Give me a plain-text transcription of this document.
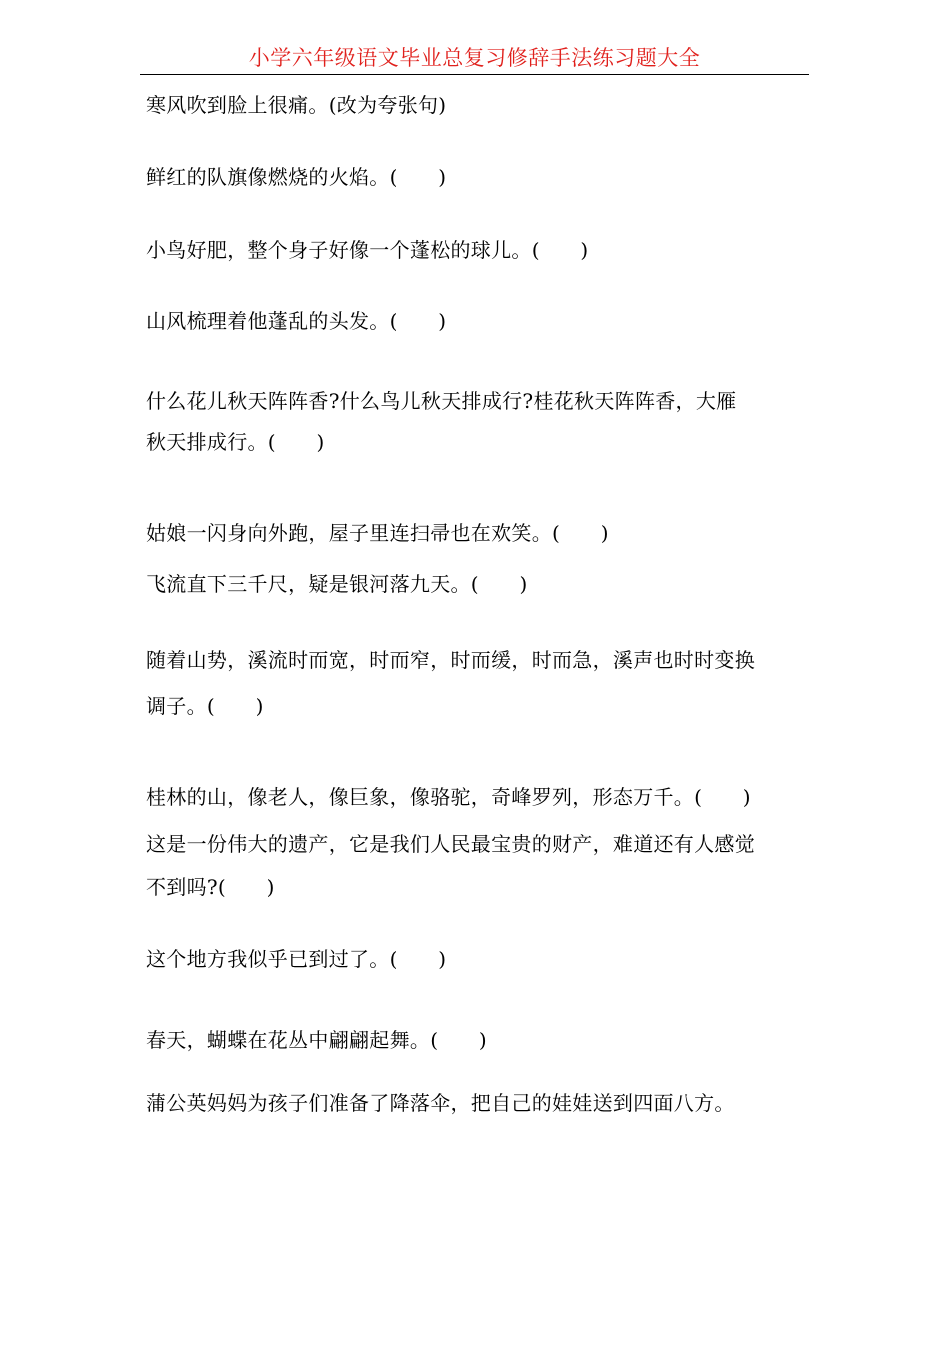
小学六年级语文毕业总复习修辞手法练习题大全
寒风吹到脸上很痛。(改为夸张句)
鲜红的队旗像燃烧的火焰。(　　)
小鸟好肥，整个身子好像一个蓬松的球儿。(　　)
山风梳理着他蓬乱的头发。(　　)
什么花儿秋天阵阵香?什么鸟儿秋天排成行?桂花秋天阵阵香，大雁
秋天排成行。(　　)
姑娘一闪身向外跑，屋子里连扫帚也在欢笑。(　　)
飞流直下三千尺，疑是银河落九天。(　　)
随着山势，溪流时而宽，时而窄，时而缓，时而急，溪声也时时变换
调子。(　　)
桂林的山，像老人，像巨象，像骆驼，奇峰罗列，形态万千。(　　)
这是一份伟大的遗产，它是我们人民最宝贵的财产，难道还有人感觉
不到吗?(　　)
这个地方我似乎已到过了。(　　)
春天，蝴蝶在花丛中翩翩起舞。(　　)
蒲公英妈妈为孩子们准备了降落伞，把自己的娃娃送到四面八方。
